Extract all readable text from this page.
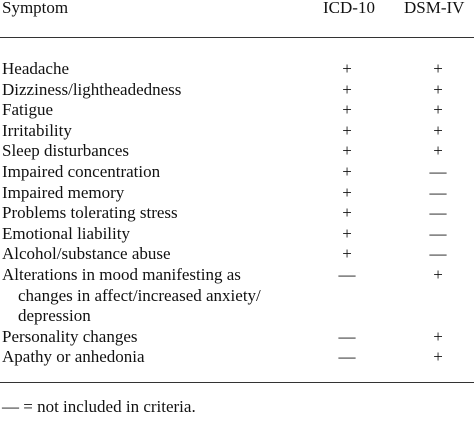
Symptom	ICD-10 DSM-IV
Headache	+	+
Dizziness/lightheadedness	+	+
Fatigue	+	+
Irritability	+	+
Sleep disturbances	+	+
Impaired concentration	+	—
Impaired memory	+	—
Problems tolerating stress	+	—
Emotional liability	+	—
Alcohol/substance abuse	+	—
Alterations in mood manifesting as
changes in affect/increased anxiety/
depression
—	+
Personality changes	—	+
Apathy or anhedonia	—	+
— = not included in criteria.
